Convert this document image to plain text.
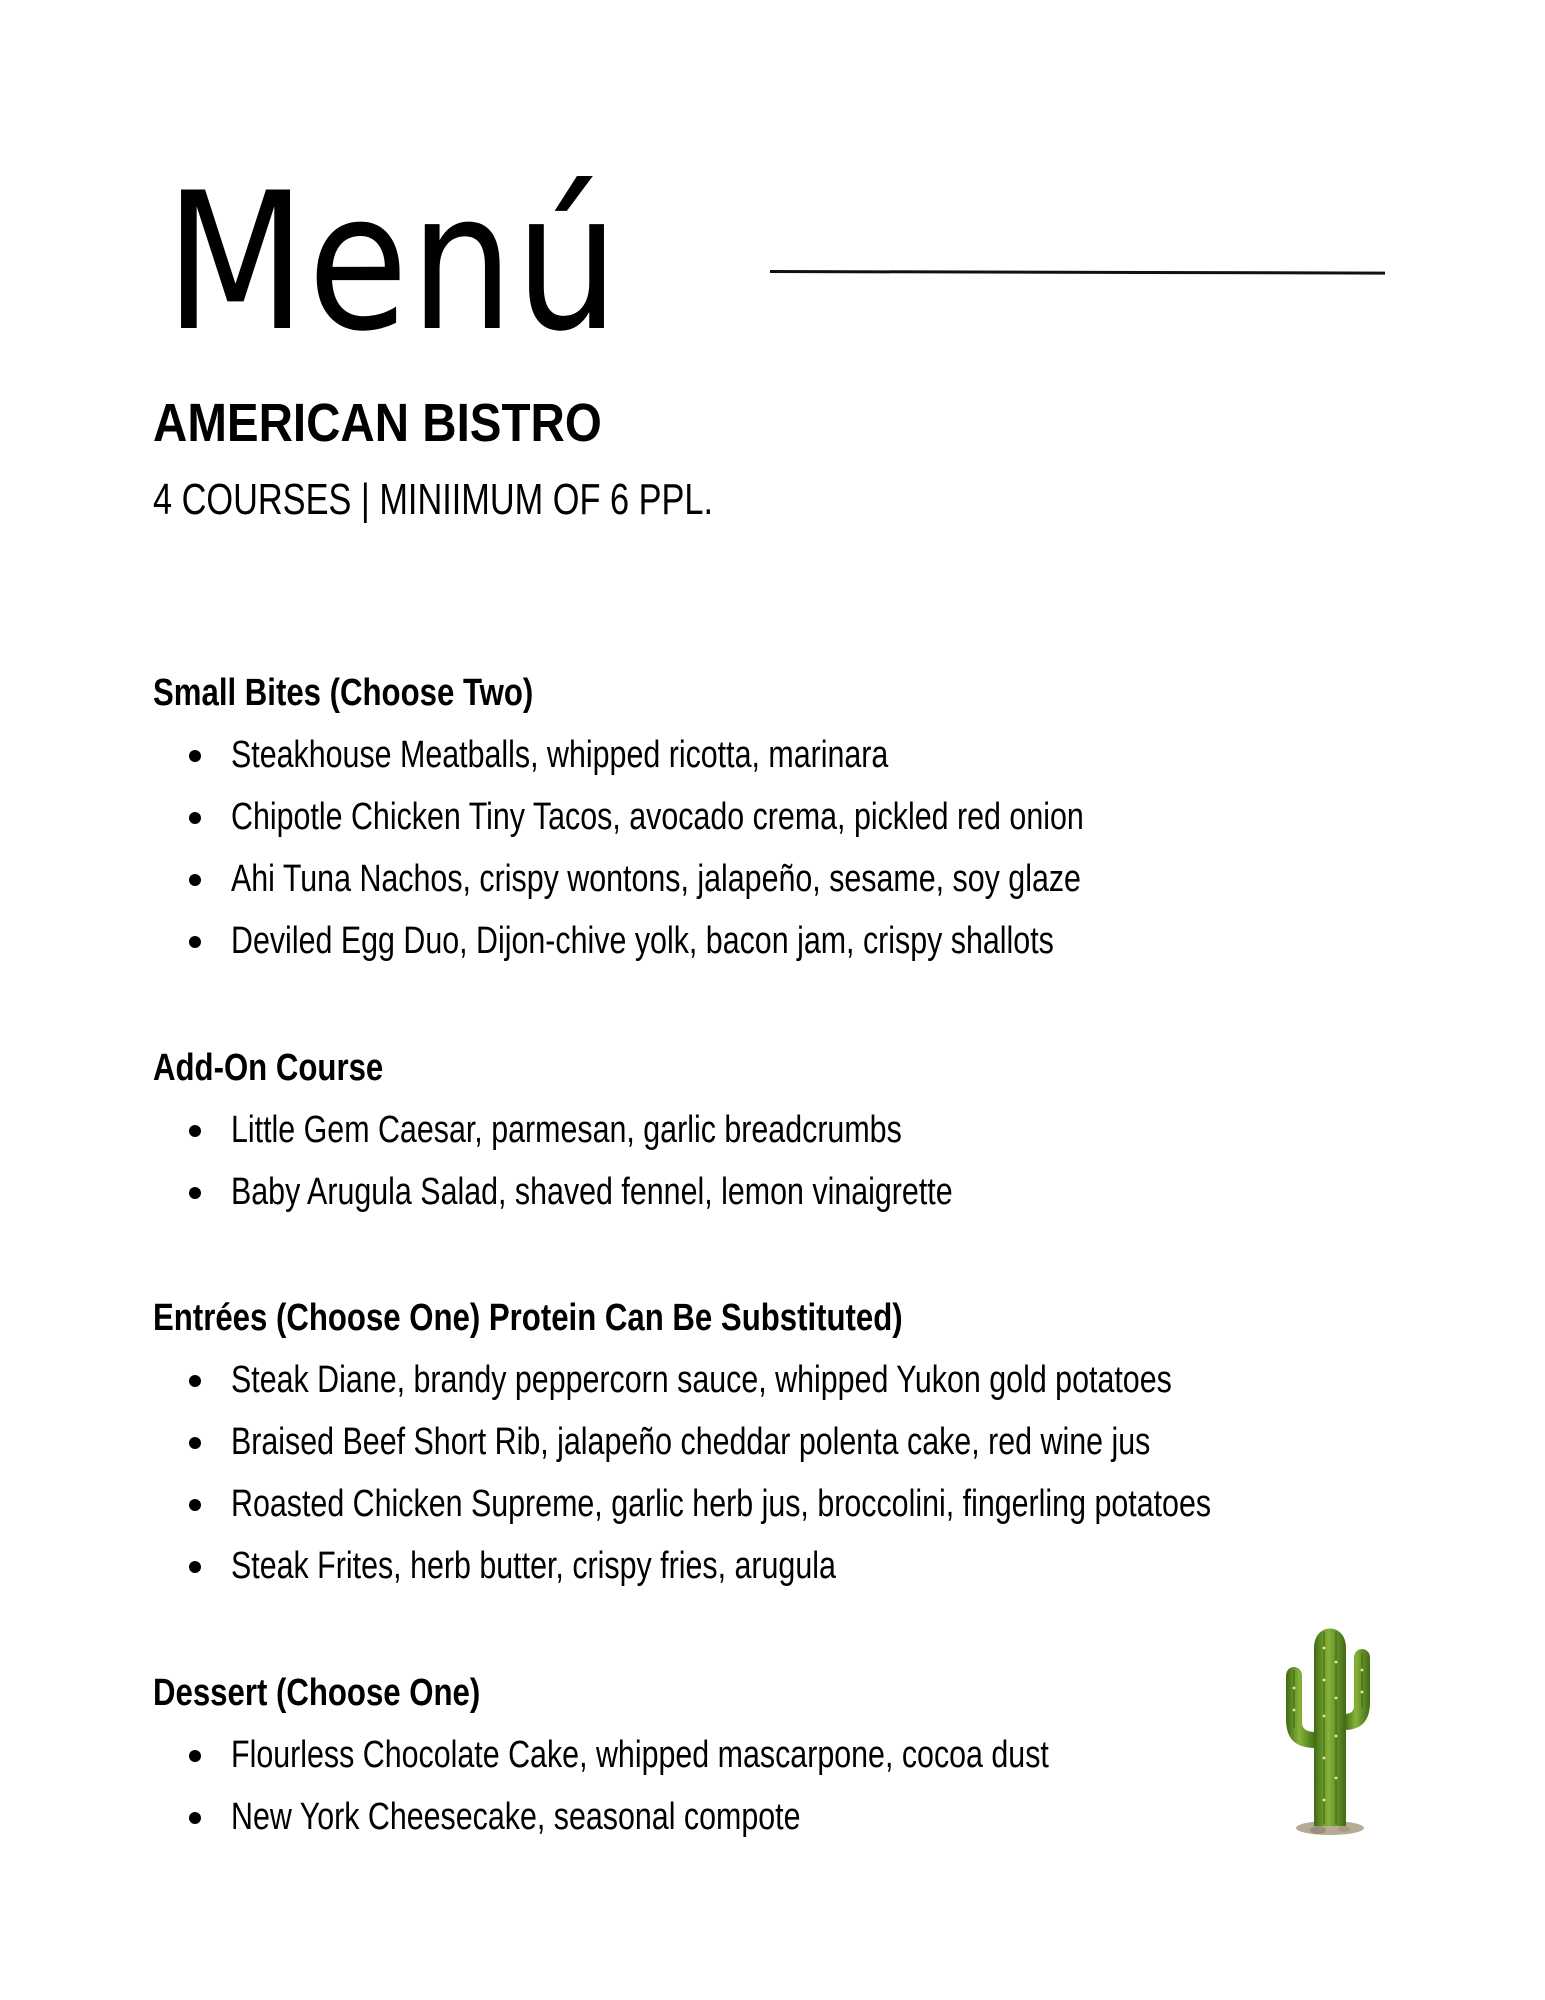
Menú
AMERICAN BISTRO
4 COURSES | MINIIMUM OF 6 PPL.
Small Bites (Choose Two)
Steakhouse Meatballs, whipped ricotta, marinara
Chipotle Chicken Tiny Tacos, avocado crema, pickled red onion
Ahi Tuna Nachos, crispy wontons, jalapeño, sesame, soy glaze
Deviled Egg Duo, Dijon-chive yolk, bacon jam, crispy shallots
Add-On Course
Little Gem Caesar, parmesan, garlic breadcrumbs
Baby Arugula Salad, shaved fennel, lemon vinaigrette
Entrées (Choose One) Protein Can Be Substituted)
Steak Diane, brandy peppercorn sauce, whipped Yukon gold potatoes
Braised Beef Short Rib, jalapeño cheddar polenta cake, red wine jus
Roasted Chicken Supreme, garlic herb jus, broccolini, fingerling potatoes
Steak Frites, herb butter, crispy fries, arugula
Dessert (Choose One)
Flourless Chocolate Cake, whipped mascarpone, cocoa dust
New York Cheesecake, seasonal compote
